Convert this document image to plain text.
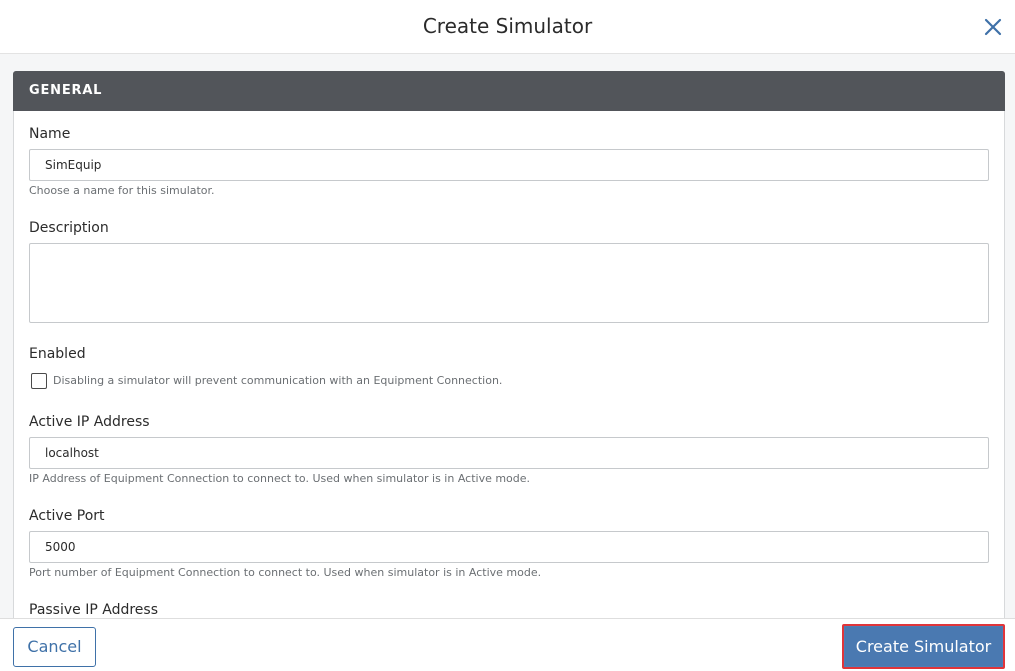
Create Simulator
GENERAL
Name
SimEquip
Choose a name for this simulator.
Description
Enabled
Disabling a simulator will prevent communication with an Equipment Connection.
Active IP Address
localhost
IP Address of Equipment Connection to connect to. Used when simulator is in Active mode.
Active Port
5000
Port number of Equipment Connection to connect to. Used when simulator is in Active mode.
Passive IP Address
Cancel	Create Simulator
